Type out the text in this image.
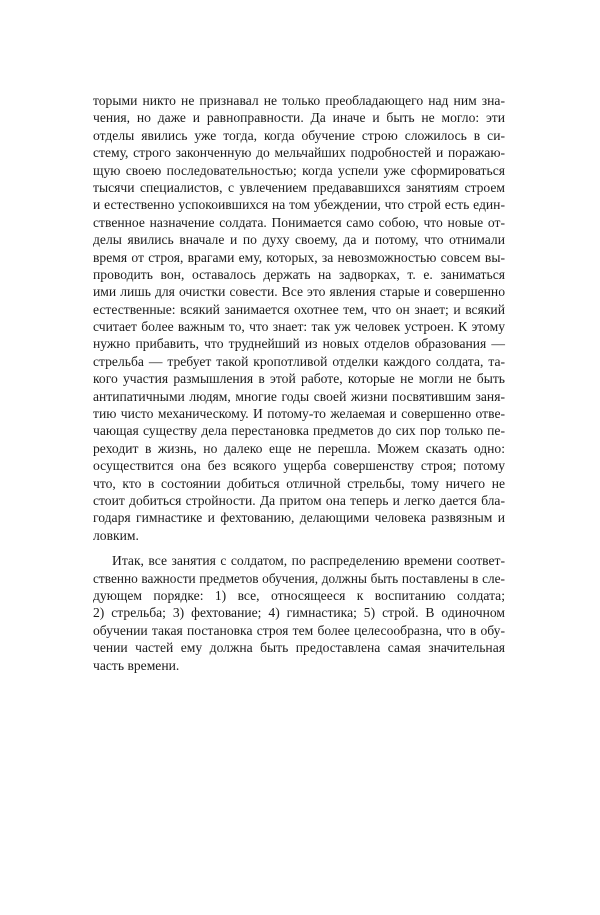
торыми никто не признавал не только преобладающего над ним зна-
чения, но даже и равноправности. Да иначе и быть не могло: эти
отделы явились уже тогда, когда обучение строю сложилось в си-
стему, строго законченную до мельчайших подробностей и поражаю-
щую своею последовательностью; когда успели уже сформироваться
тысячи специалистов, с увлечением предававшихся занятиям строем
и естественно успокоившихся на том убеждении, что строй есть един-
ственное назначение солдата. Понимается само собою, что новые от-
делы явились вначале и по духу своему, да и потому, что отнимали
время от строя, врагами ему, которых, за невозможностью совсем вы-
проводить вон, оставалось держать на задворках, т. е. заниматься
ими лишь для очистки совести. Все это явления старые и совершенно
естественные: всякий занимается охотнее тем, что он знает; и всякий
считает более важным то, что знает: так уж человек устроен. К этому
нужно прибавить, что труднейший из новых отделов образования —
стрельба — требует такой кропотливой отделки каждого солдата, та-
кого участия размышления в этой работе, которые не могли не быть
антипатичными людям, многие годы своей жизни посвятившим заня-
тию чисто механическому. И потому-то желаемая и совершенно отве-
чающая существу дела перестановка предметов до сих пор только пе-
реходит в жизнь, но далеко еще не перешла. Можем сказать одно:
осуществится она без всякого ущерба совершенству строя; потому
что, кто в состоянии добиться отличной стрельбы, тому ничего не
стоит добиться стройности. Да притом она теперь и легко дается бла-
годаря гимнастике и фехтованию, делающими человека развязным и
ловким.
Итак, все занятия с солдатом, по распределению времени соответ-
ственно важности предметов обучения, должны быть поставлены в сле-
дующем порядке: 1) все, относящееся к воспитанию солдата;
2) стрельба; 3) фехтование; 4) гимнастика; 5) строй. В одиночном
обучении такая постановка строя тем более целесообразна, что в обу-
чении частей ему должна быть предоставлена самая значительная
часть времени.
